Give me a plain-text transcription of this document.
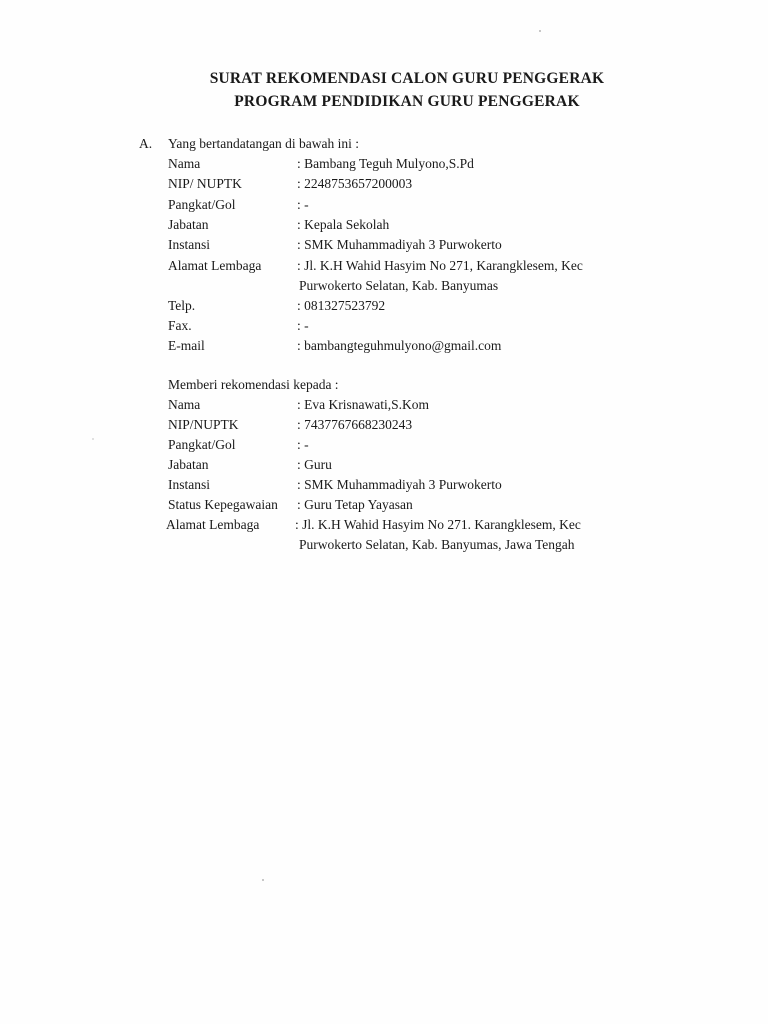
SURAT REKOMENDASI CALON GURU PENGGERAK
PROGRAM PENDIDIKAN GURU PENGGERAK
A. Yang bertandatangan di bawah ini :
Nama	: Bambang Teguh Mulyono,S.Pd
NIP/ NUPTK	: 2248753657200003
Pangkat/Gol	: -
Jabatan	: Kepala Sekolah
Instansi	: SMK Muhammadiyah 3 Purwokerto
Alamat Lembaga	: Jl. K.H Wahid Hasyim No 271, Karangklesem, Kec
Purwokerto Selatan, Kab. Banyumas
Telp.	: 081327523792
Fax.	: -
E-mail	: bambangteguhmulyono@gmail.com
Memberi rekomendasi kepada :
Nama	: Eva Krisnawati,S.Kom
NIP/NUPTK	: 7437767668230243
Pangkat/Gol	: -
Jabatan	: Guru
Instansi	: SMK Muhammadiyah 3 Purwokerto
Status Kepegawaian : Guru Tetap Yayasan
Alamat Lembaga	: Jl. K.H Wahid Hasyim No 271. Karangklesem, Kec
Purwokerto Selatan, Kab. Banyumas, Jawa Tengah
